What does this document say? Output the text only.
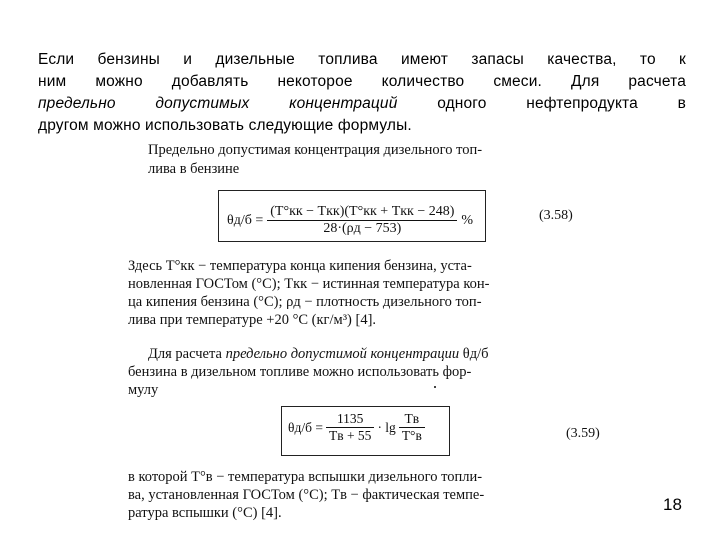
Если бензины и дизельные топлива имеют запасы качества, то к
ним можно добавлять некоторое количество смеси. Для расчета
предельно допустимых концентраций	одного нефтепродукта в
другом можно использовать следующие формулы.
Предельно допустимая концентрация дизельного топ-
лива в бензине
$\theta д/б = \frac{\text{(T°кк − Tкк)(T°кк + Tкк − 248)}}{28\cdot(\rho д - 753)}$ %	(3.58)
Здесь T°кк − температура конца кипения бензина, уста-
новленная ГОСТом (°С); Tкк − истинная температура кон-
ца кипения бензина (°С); ρд − плотность дизельного топ-
лива при температуре +20 °С (кг/м³) [4].
Для расчета предельно допустимой концентрации θд/б
бензина в дизельном топливе можно использовать фор-
мулу
$\theta д/б = \frac{1135}{Tв + 55} \cdot \lg \frac{Tв}{T^\circ в}$	(3.59)
в которой T°в − температура вспышки дизельного топли-
ва, установленная ГОСТом (°С); Tв − фактическая темпе-
ратура вспышки (°С) [4].	18
